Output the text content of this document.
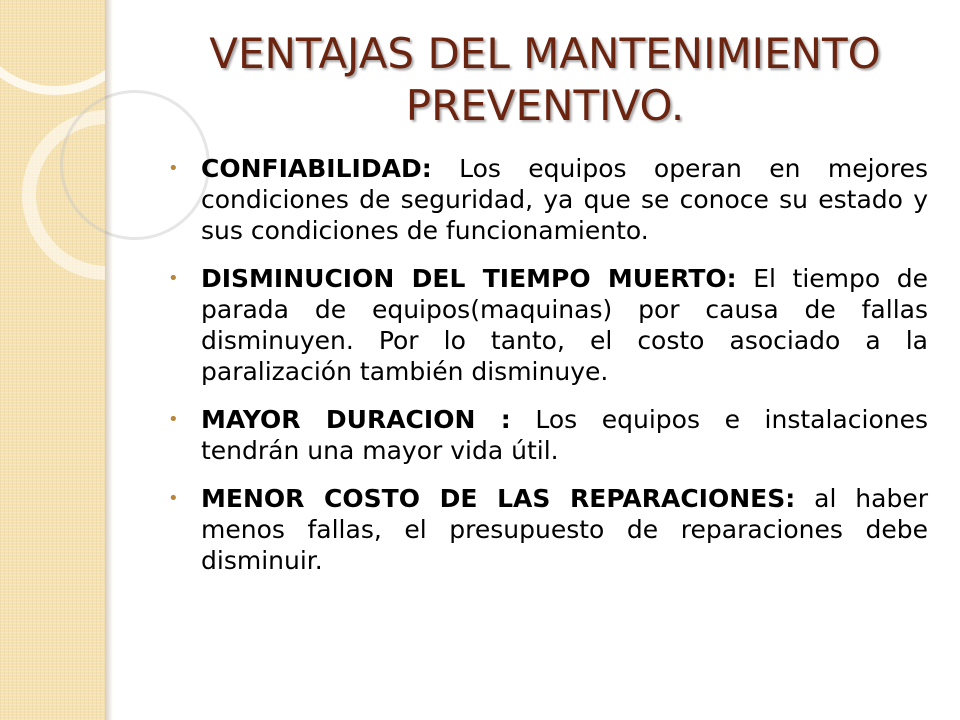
VENTAJAS DEL MANTENIMIENTO PREVENTIVO.
• CONFIABILIDAD: Los equipos operan en mejores condiciones de seguridad, ya que se conoce su estado y sus condiciones de funcionamiento.
• DISMINUCION DEL TIEMPO MUERTO: El tiempo de parada de equipos(maquinas) por causa de fallas disminuyen. Por lo tanto, el costo asociado a la paralización también disminuye.
• MAYOR DURACION : Los equipos e instalaciones tendrán una mayor vida útil.
• MENOR COSTO DE LAS REPARACIONES: al haber menos fallas, el presupuesto de reparaciones debe disminuir.
